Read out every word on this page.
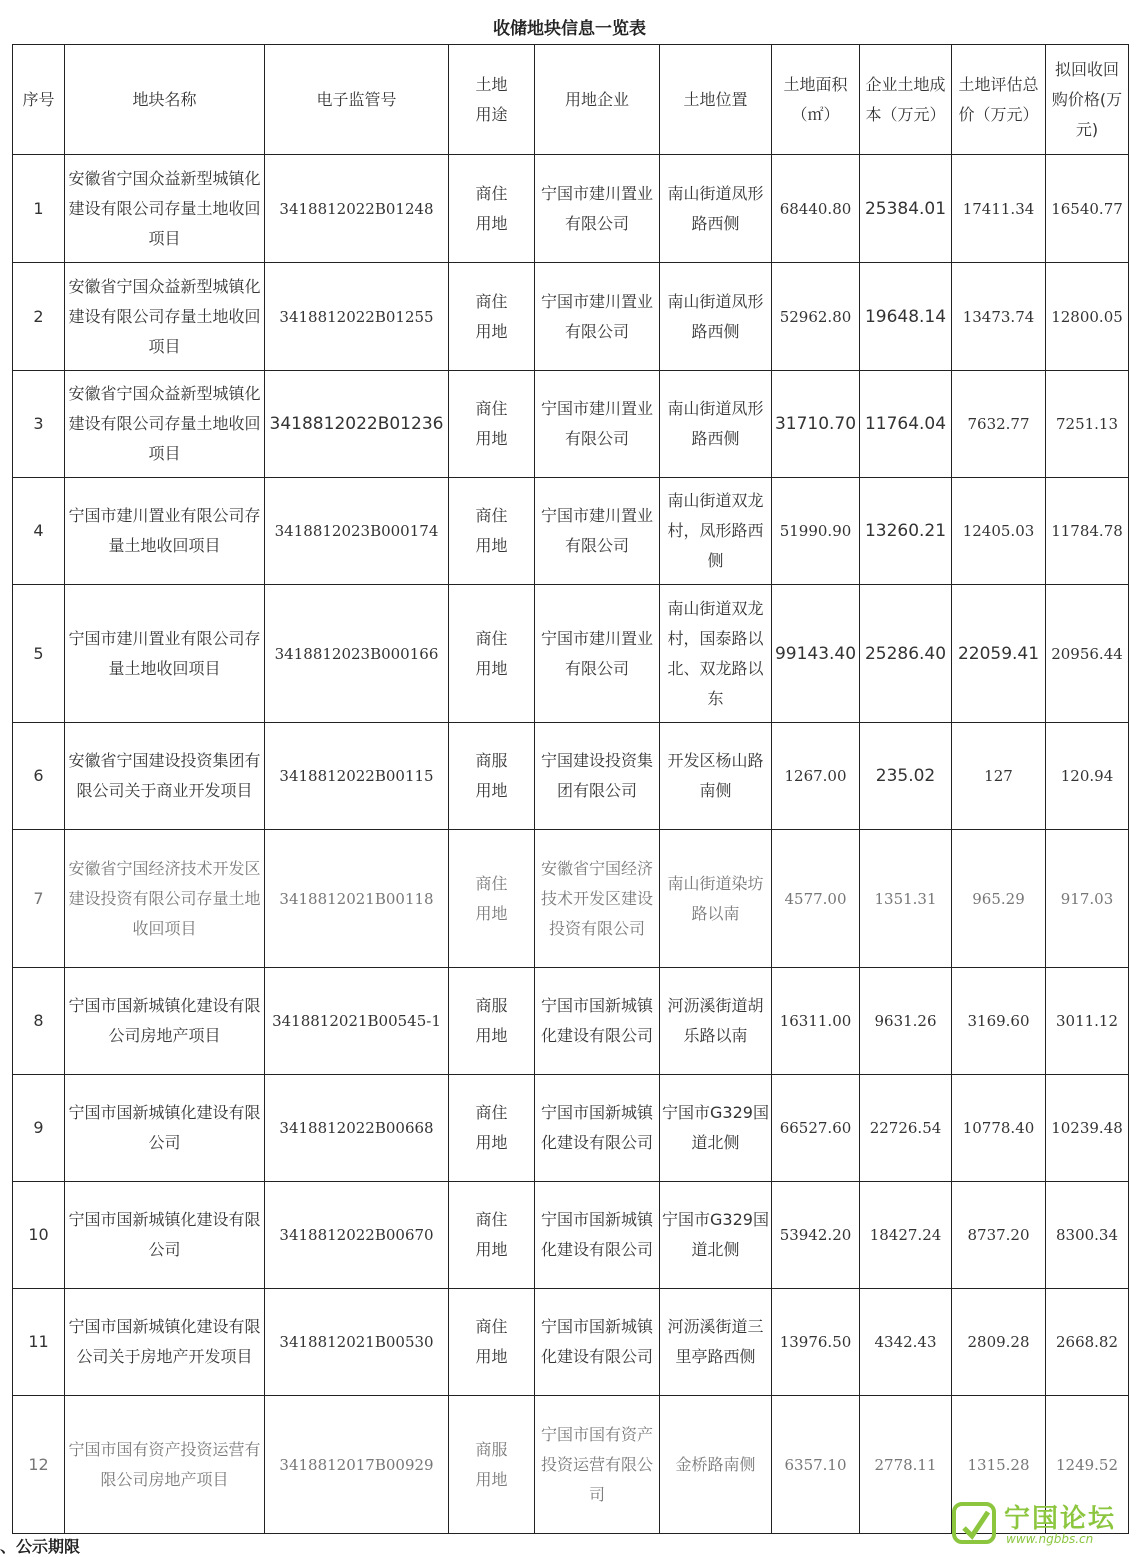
收储地块信息一览表
序号	地块名称	电子监管号	土地用途	用地企业	土地位置	土地面积（㎡）	企业土地成本（万元）	土地评估总价（万元）	拟回收回购价格(万元)
1	安徽省宁国众益新型城镇化建设有限公司存量土地收回项目	3418812022B01248	商住用地	宁国市建川置业有限公司	南山街道凤形路西侧	68440.80	25384.01	17411.34	16540.77
2	安徽省宁国众益新型城镇化建设有限公司存量土地收回项目	3418812022B01255	商住用地	宁国市建川置业有限公司	南山街道凤形路西侧	52962.80	19648.14	13473.74	12800.05
3	安徽省宁国众益新型城镇化建设有限公司存量土地收回项目	3418812022B01236	商住用地	宁国市建川置业有限公司	南山街道凤形路西侧	31710.70	11764.04	7632.77	7251.13
4	宁国市建川置业有限公司存量土地收回项目	3418812023B000174	商住用地	宁国市建川置业有限公司	南山街道双龙村，凤形路西侧	51990.90	13260.21	12405.03	11784.78
5	宁国市建川置业有限公司存量土地收回项目	3418812023B000166	商住用地	宁国市建川置业有限公司	南山街道双龙村，国泰路以北、双龙路以东	99143.40	25286.40	22059.41	20956.44
6	安徽省宁国建设投资集团有限公司关于商业开发项目	3418812022B00115	商服用地	宁国建设投资集团有限公司	开发区杨山路南侧	1267.00	235.02	127	120.94
7	安徽省宁国经济技术开发区建设投资有限公司存量土地收回项目	3418812021B00118	商住用地	安徽省宁国经济技术开发区建设投资有限公司	南山街道染坊路以南	4577.00	1351.31	965.29	917.03
8	宁国市国新城镇化建设有限公司房地产项目	3418812021B00545-1	商服用地	宁国市国新城镇化建设有限公司	河沥溪街道胡乐路以南	16311.00	9631.26	3169.60	3011.12
9	宁国市国新城镇化建设有限公司	3418812022B00668	商住用地	宁国市国新城镇化建设有限公司	宁国市G329国道北侧	66527.60	22726.54	10778.40	10239.48
10	宁国市国新城镇化建设有限公司	3418812022B00670	商住用地	宁国市国新城镇化建设有限公司	宁国市G329国道北侧	53942.20	18427.24	8737.20	8300.34
11	宁国市国新城镇化建设有限公司关于房地产开发项目	3418812021B00530	商住用地	宁国市国新城镇化建设有限公司	河沥溪街道三里亭路西侧	13976.50	4342.43	2809.28	2668.82
12	宁国市国有资产投资运营有限公司房地产项目	3418812017B00929	商服用地	宁国市国有资产投资运营有限公司	金桥路南侧	6357.10	2778.11	1315.28	1249.52
、公示期限
宁国论坛
www.ngbbs.cn
